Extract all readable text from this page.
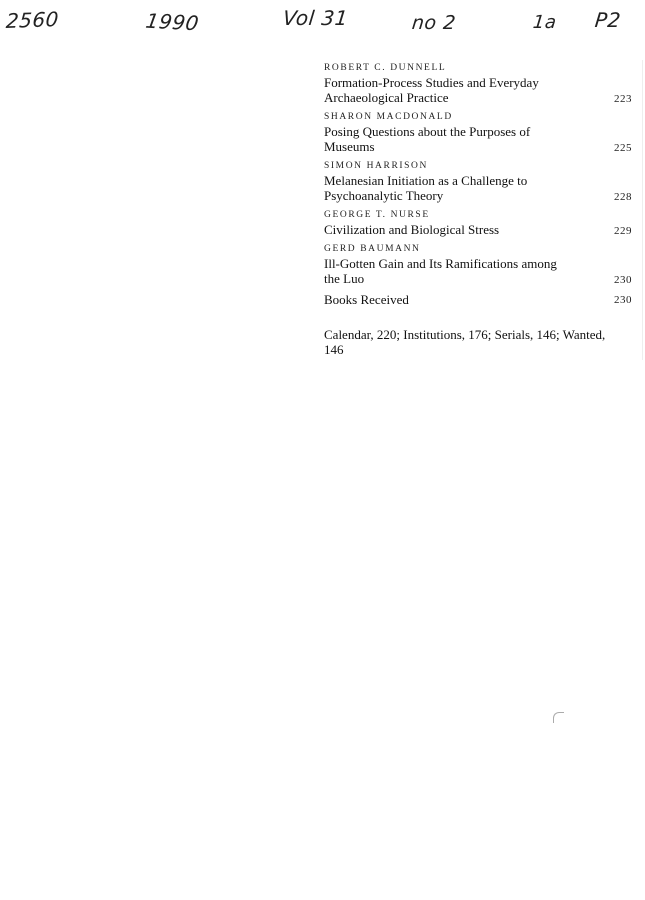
2560	1990	Vol 31	no 2	1a P2
ROBERT C. DUNNELL
Formation-Process Studies and Everyday Archaeological Practice	223
SHARON MACDONALD
Posing Questions about the Purposes of Museums	225
SIMON HARRISON
Melanesian Initiation as a Challenge to Psychoanalytic Theory	228
GEORGE T. NURSE
Civilization and Biological Stress	229
GERD BAUMANN
Ill-Gotten Gain and Its Ramifications among the Luo	230
Books Received	230
Calendar, 220; Institutions, 176; Serials, 146; Wanted, 146
